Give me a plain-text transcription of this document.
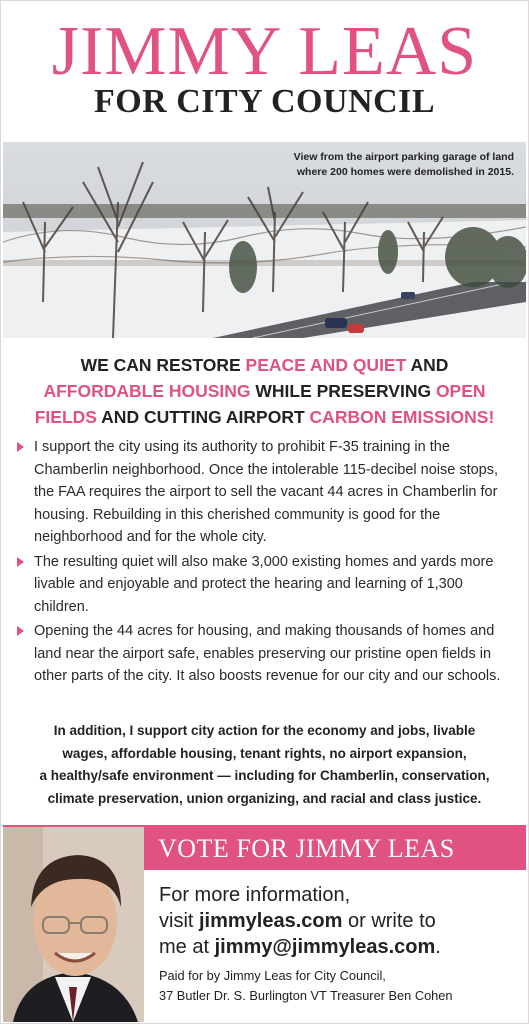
JIMMY LEAS
FOR CITY COUNCIL
View from the airport parking garage of land
where 200 homes were demolished in 2015.
WE CAN RESTORE PEACE AND QUIET AND
AFFORDABLE HOUSING WHILE PRESERVING OPEN FIELDS AND CUTTING AIRPORT CARBON EMISSIONS!
I support the city using its authority to prohibit F-35 training in the Chamberlin neighborhood. Once the intolerable 115-decibel noise stops, the FAA requires the airport to sell the vacant 44 acres in Chamberlin for housing. Rebuilding in this cherished community is good for the neighborhood and for the whole city.
The resulting quiet will also make 3,000 existing homes and yards more livable and enjoyable and protect the hearing and learning of 1,300 children.
Opening the 44 acres for housing, and making thousands of homes and land near the airport safe, enables preserving our pristine open fields in other parts of the city. It also boosts revenue for our city and our schools.
In addition, I support city action for the economy and jobs, livable
wages, affordable housing, tenant rights, no airport expansion,
a healthy/safe environment — including for Chamberlin, conservation,
climate preservation, union organizing, and racial and class justice.
VOTE FOR JIMMY LEAS
For more information,
visit jimmyleas.com or write to
me at jimmy@jimmyleas.com.
Paid for by Jimmy Leas for City Council,
37 Butler Dr. S. Burlington VT Treasurer Ben Cohen
